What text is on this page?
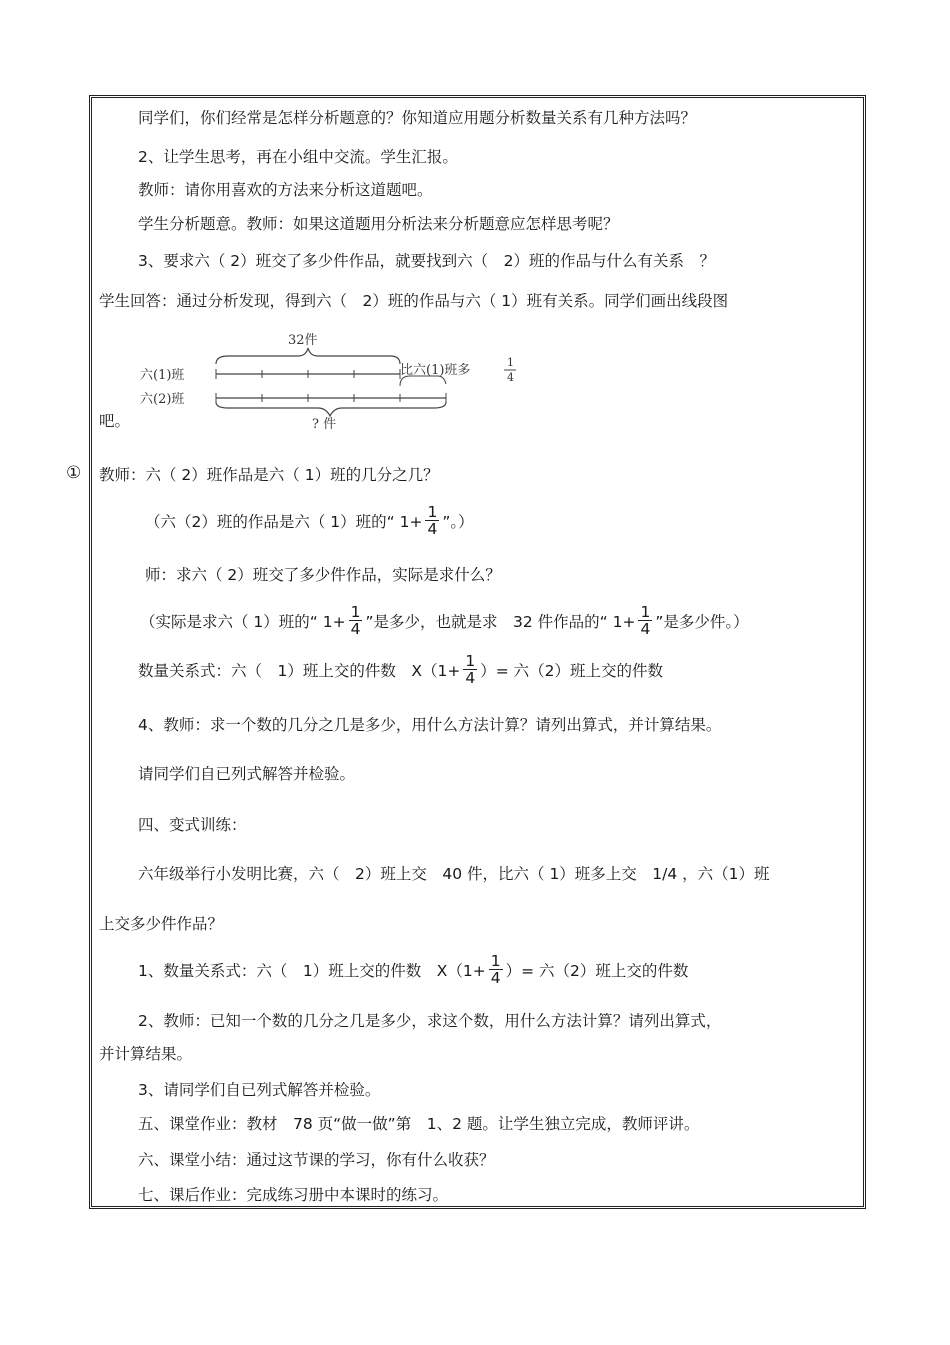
同学们，你们经常是怎样分析题意的？你知道应用题分析数量关系有几种方法吗？
2、让学生思考，再在小组中交流。学生汇报。
教师：请你用喜欢的方法来分析这道题吧。
学生分析题意。教师：如果这道题用分析法来分析题意应怎样思考呢？
3、要求六（ 2）班交了多少件作品，就要找到六（　2）班的作品与什么有关系　？
学生回答：通过分析发现，得到六（　2）班的作品与六（ 1）班有关系。同学们画出线段图
32件
六(1)班	比六(1)班多
1
4
六(2)班
? 件
吧。
① 教师：六（ 2）班作品是六（ 1）班的几分之几？
（六（2）班的作品是六（ 1）班的“ $1+ \frac{1}{4}$ ”。）
师：求六（ 2）班交了多少件作品，实际是求什么？
（实际是求六（ 1）班的“ $1+ \frac{1}{4}$ ”是多少，也就是求　32 件作品的“ $1+ \frac{1}{4}$ ”是多少件。）
数量关系式：六（　1）班上交的件数　$X(1+ \frac{1}{4}$ ）= 六（2）班上交的件数
4、教师：求一个数的几分之几是多少，用什么方法计算？请列出算式，并计算结果。
请同学们自已列式解答并检验。
四、变式训练：
六年级举行小发明比赛，六（　2）班上交　40 件，比六（ 1）班多上交　1/4 ，六（1）班
上交多少件作品？
1、数量关系式：六（　1）班上交的件数　$X(1+ \frac{1}{4}$ ）= 六（2）班上交的件数
2、教师：已知一个数的几分之几是多少，求这个数，用什么方法计算？请列出算式，
并计算结果。
3、请同学们自已列式解答并检验。
五、课堂作业：教材　78 页“做一做”第　1、2 题。让学生独立完成，教师评讲。
六、课堂小结：通过这节课的学习，你有什么收获？
七、课后作业：完成练习册中本课时的练习。
